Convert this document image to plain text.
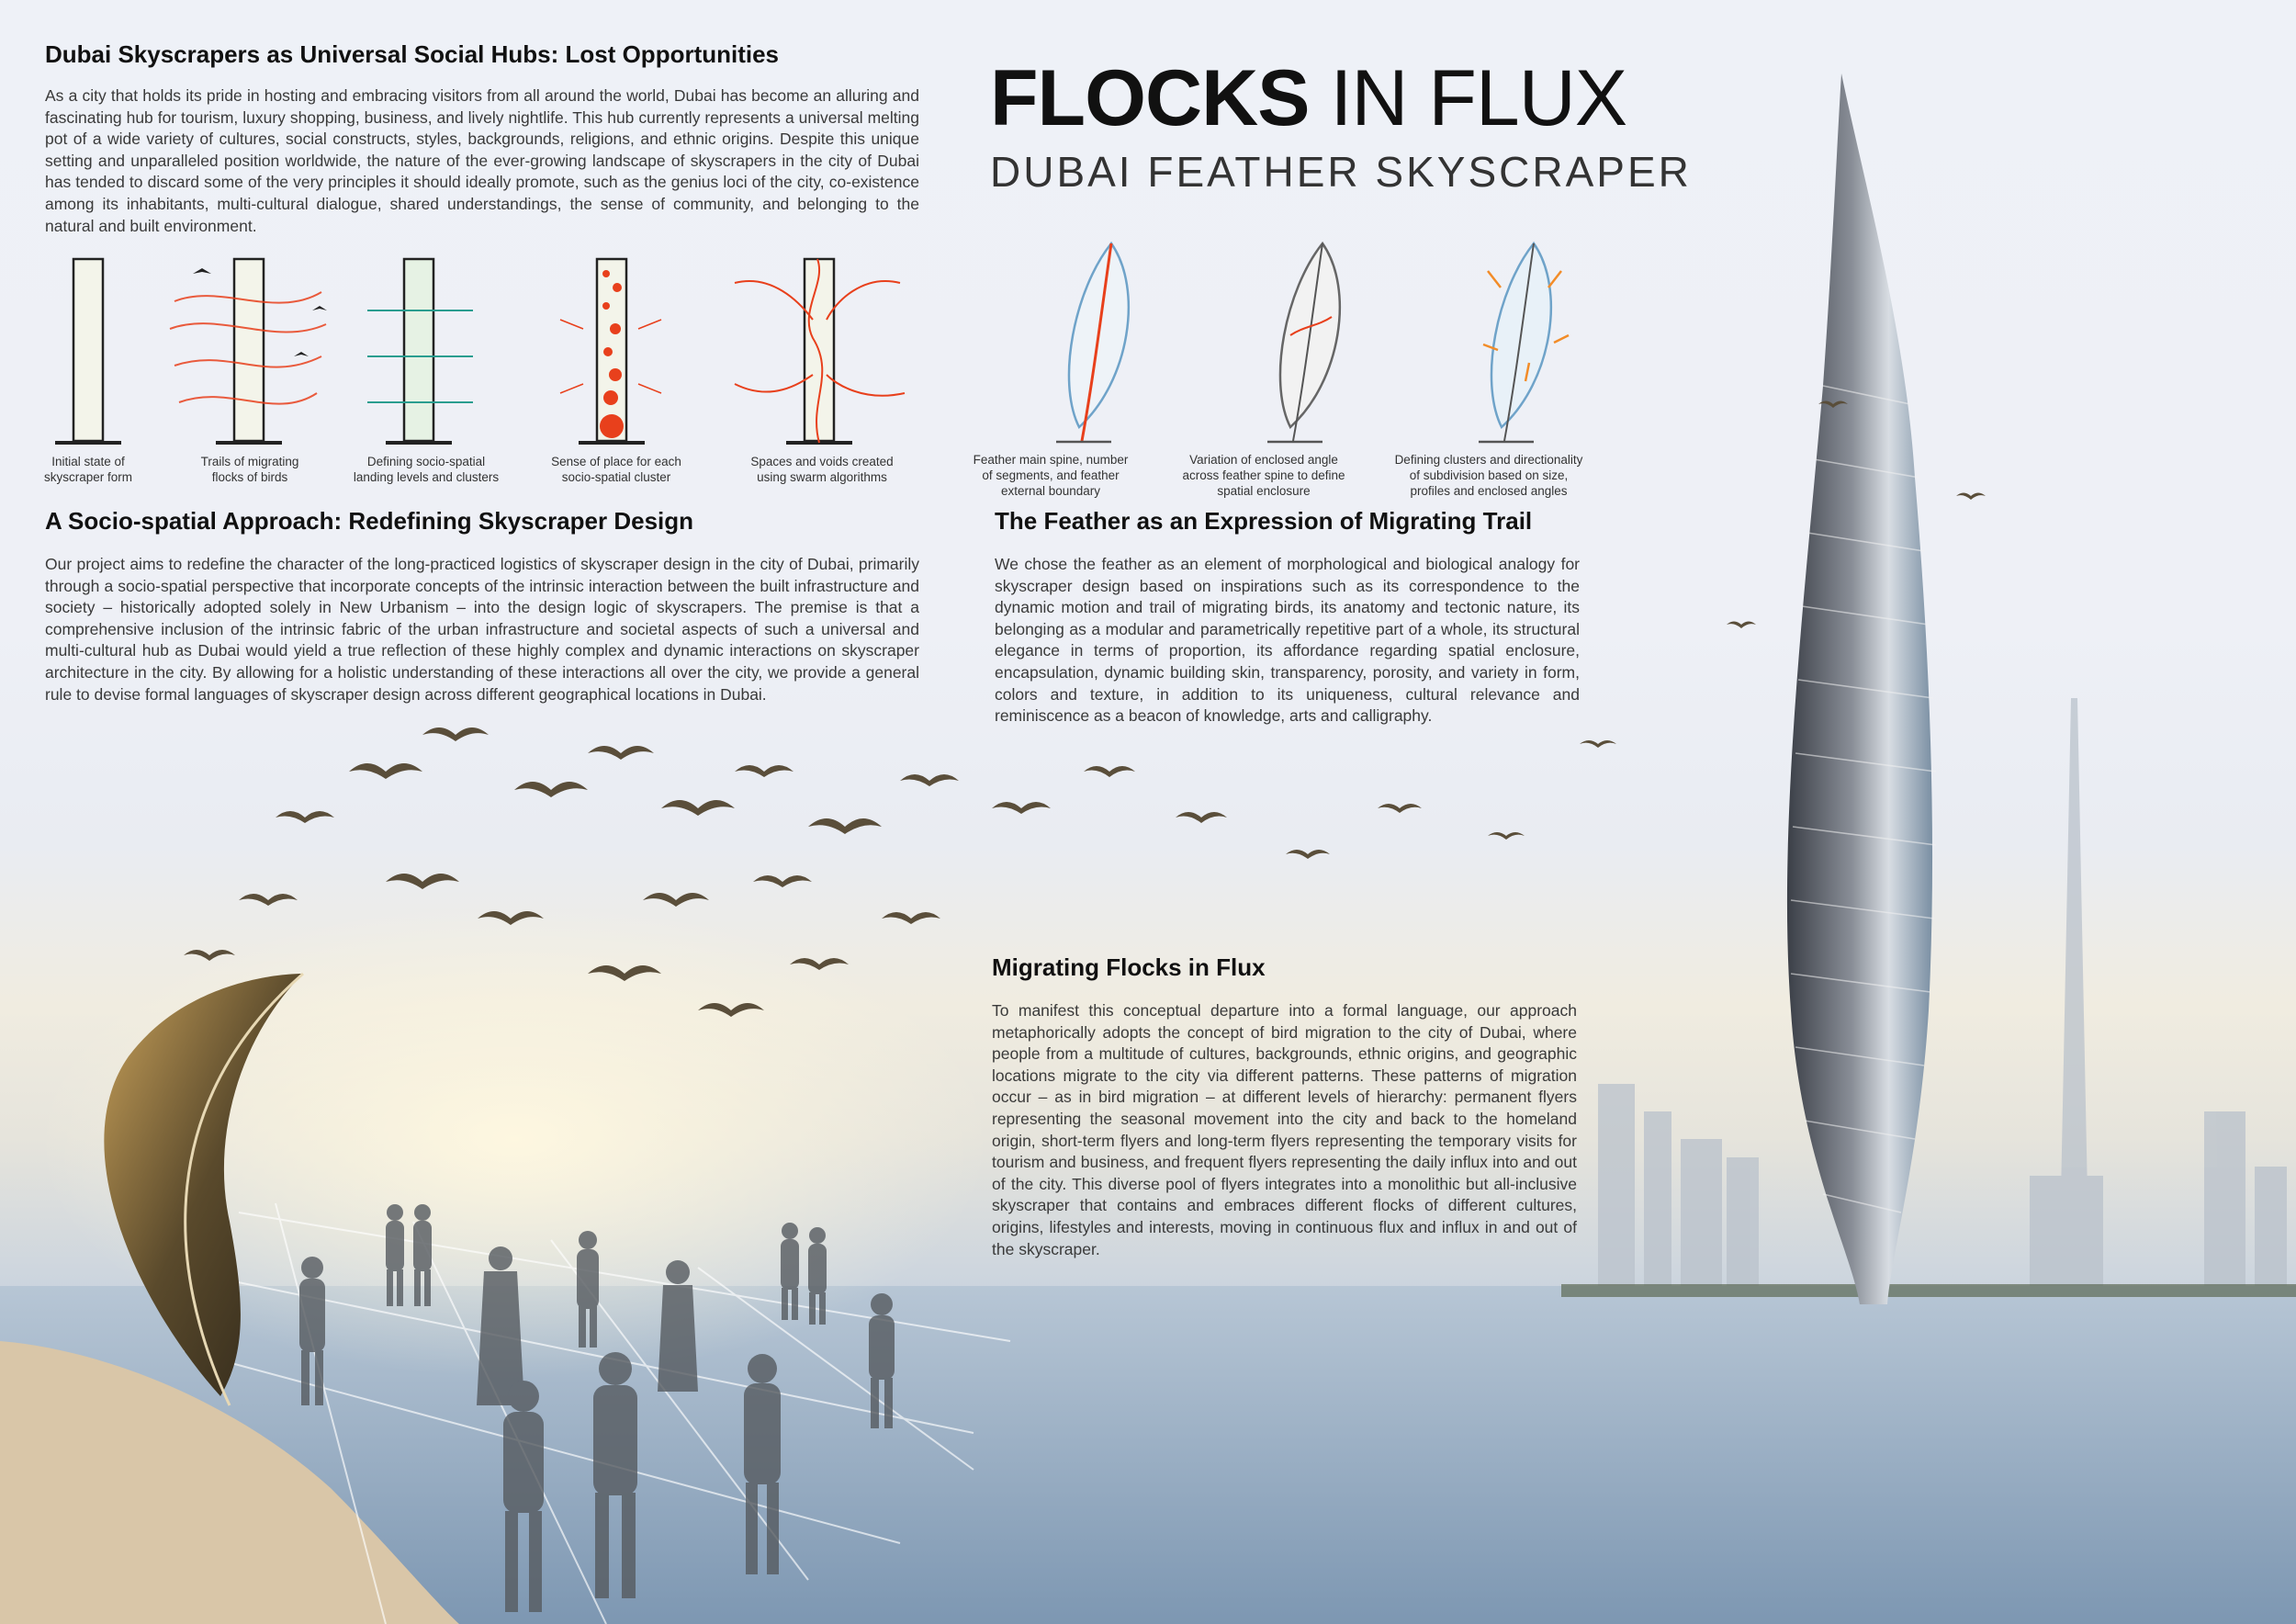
FLOCKS IN FLUX
DUBAI FEATHER SKYSCRAPER
Dubai Skyscrapers as Universal Social Hubs: Lost Opportunities

As a city that holds its pride in hosting and embracing visitors from all around the world, Dubai has become an alluring and fascinating hub for tourism, luxury shopping, business, and lively nightlife. This hub currently represents a universal melting pot of a wide variety of cultures, social constructs, styles, backgrounds, religions, and ethnic origins. Despite this unique setting and unparalleled position worldwide, the nature of the ever-growing landscape of skyscrapers in the city of Dubai has tended to discard some of the very principles it should ideally promote, such as the genius loci of the city, co-existence among its inhabitants, multi-cultural dialogue, shared understandings, the sense of community, and belonging to the natural and built environment.

Initial state of
skyscraper form
Trails of migrating
flocks of birds
Defining socio-spatial
landing levels and clusters
Sense of place for each
socio-spatial cluster
Spaces and voids created
using swarm algorithms
Feather main spine, number
of segments, and feather
external boundary
Variation of enclosed angle
across feather spine to define
spatial enclosure
Defining clusters and directionality
of subdivision based on size,
profiles and enclosed angles
A Socio-spatial Approach: Redefining Skyscraper Design

Our project aims to redefine the character of the long-practiced logistics of skyscraper design in the city of Dubai, primarily through a socio-spatial perspective that incorporate concepts of the intrinsic interaction between the built infrastructure and society – historically adopted solely in New Urbanism – into the design logic of skyscrapers. The premise is that a comprehensive inclusion of the intrinsic fabric of the urban infrastructure and societal aspects of such a universal and multi-cultural hub as Dubai would yield a true reflection of these highly complex and dynamic interactions on skyscraper architecture in the city. By allowing for a holistic understanding of these interactions all over the city, we provide a general rule to devise formal languages of skyscraper design across different geographical locations in Dubai.

The Feather as an Expression of Migrating Trail

We chose the feather as an element of morphological and biological analogy for skyscraper design based on inspirations such as its correspondence to the dynamic motion and trail of migrating birds, its anatomy and tectonic nature, its belonging as a modular and parametrically repetitive part of a whole, its structural elegance in terms of proportion, its affordance regarding spatial enclosure, encapsulation, dynamic building skin, transparency, porosity, and variety in form, colors and texture, in addition to its uniqueness, cultural relevance and reminiscence as a beacon of knowledge, arts and calligraphy.

Migrating Flocks in Flux

To manifest this conceptual departure into a formal language, our approach metaphorically adopts the concept of bird migration to the city of Dubai, where people from a multitude of cultures, backgrounds, ethnic origins, and geographic locations migrate to the city via different patterns. These patterns of migration occur – as in bird migration – at different levels of hierarchy: permanent flyers representing the seasonal movement into the city and back to the homeland origin, short-term flyers and long-term flyers representing the temporary visits for tourism and business, and frequent flyers representing the daily influx into and out of the city. This diverse pool of flyers integrates into a monolithic but all-inclusive skyscraper that contains and embraces different flocks of different cultures, origins, lifestyles and interests, moving in continuous flux and influx in and out of the skyscraper.
